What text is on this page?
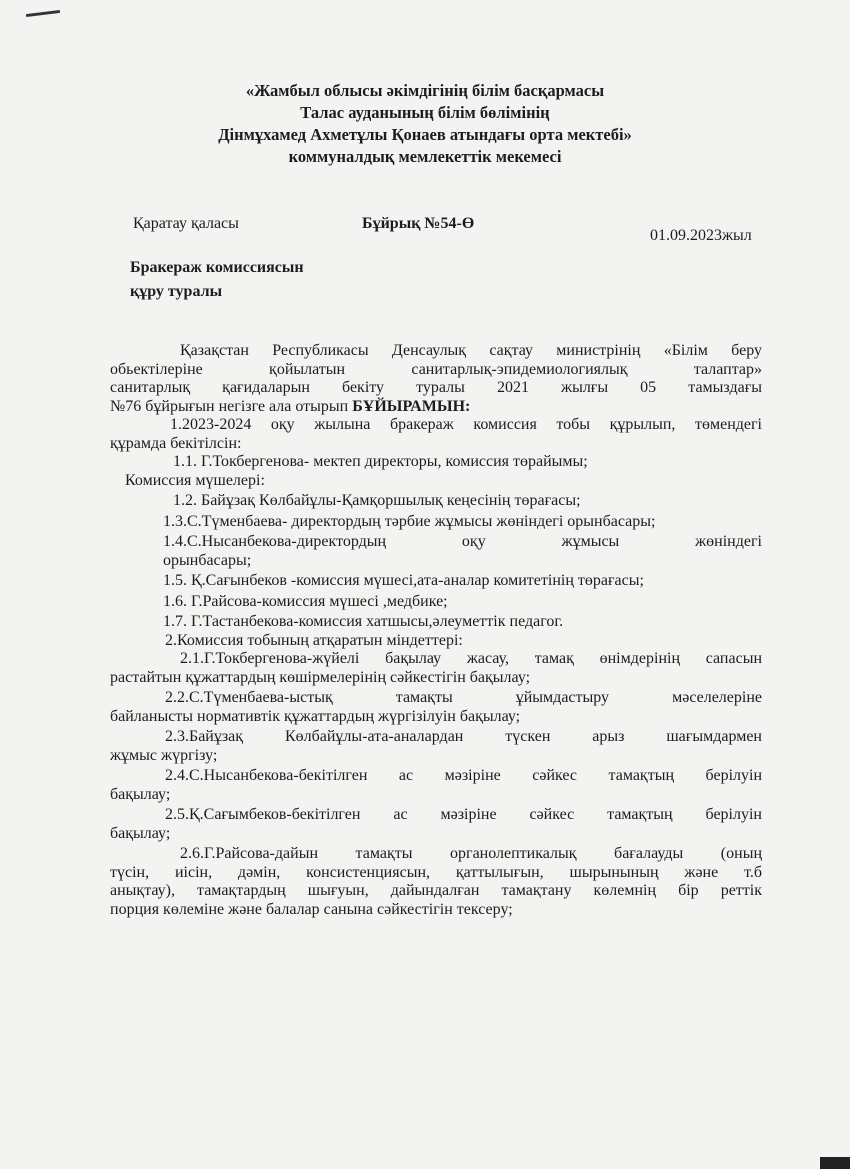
«Жамбыл облысы әкімдігінің білім басқармасы
Талас ауданының білім бөлімінің
Дінмұхамед Ахметұлы Қонаев атындағы орта мектебі»
коммуналдық мемлекеттік мекемесі
Қаратау қаласы	Бұйрық №54-Ө
01.09.2023жыл
Бракераж комиссиясын
құру туралы

Қазақстан Республикасы Денсаулық сақтау министрінің «Білім беру

обьектілеріне қойылатын санитарлық-эпидемиологиялық талаптар»

санитарлық қағидаларын бекіту туралы 2021 жылғы 05 тамыздағы

№76 бұйрығын негізге ала отырып БҰЙЫРАМЫН:

1.2023-2024 оқу жылына бракераж комиссия тобы құрылып, төмендегі

құрамда бекітілсін:

1.1. Г.Токбергенова- мектеп директоры, комиссия төрайымы;

Комиссия мүшелері:

1.2. Байұзақ Көлбайұлы-Қамқоршылық кеңесінің төрағасы;

1.3.С.Түменбаева- директордың тәрбие жұмысы жөніндегі орынбасары;

1.4.С.Нысанбекова-директордың оқу жұмысы жөніндегі

орынбасары;

1.5. Қ.Сағынбеков -комиссия мүшесі,ата-аналар комитетінің төрағасы;

1.6. Г.Райсова-комиссия мүшесі ,медбике;

1.7. Г.Тастанбекова-комиссия хатшысы,әлеуметтік педагог.

2.Комиссия тобының атқаратын міндеттері:

2.1.Г.Токбергенова-жүйелі бақылау жасау, тамақ өнімдерінің сапасын

растайтын құжаттардың көшірмелерінің сәйкестігін бақылау;

2.2.С.Түменбаева-ыстық тамақты ұйымдастыру мәселелеріне

байланысты нормативтік құжаттардың жүргізілуін бақылау;

2.3.Байұзақ Көлбайұлы-ата-аналардан түскен арыз шағымдармен

жұмыс жүргізу;

2.4.С.Нысанбекова-бекітілген ас мәзіріне сәйкес тамақтың берілуін

бақылау;

2.5.Қ.Сағымбеков-бекітілген ас мәзіріне сәйкес тамақтың берілуін

бақылау;

2.6.Г.Райсова-дайын тамақты органолептикалық бағалауды (оның

түсін, иісін, дәмін, консистенциясын, қаттылығын, шырынының және т.б

анықтау), тамақтардың шығуын, дайындалған тамақтану көлемнің бір реттік

порция көлеміне және балалар санына сәйкестігін тексеру;
